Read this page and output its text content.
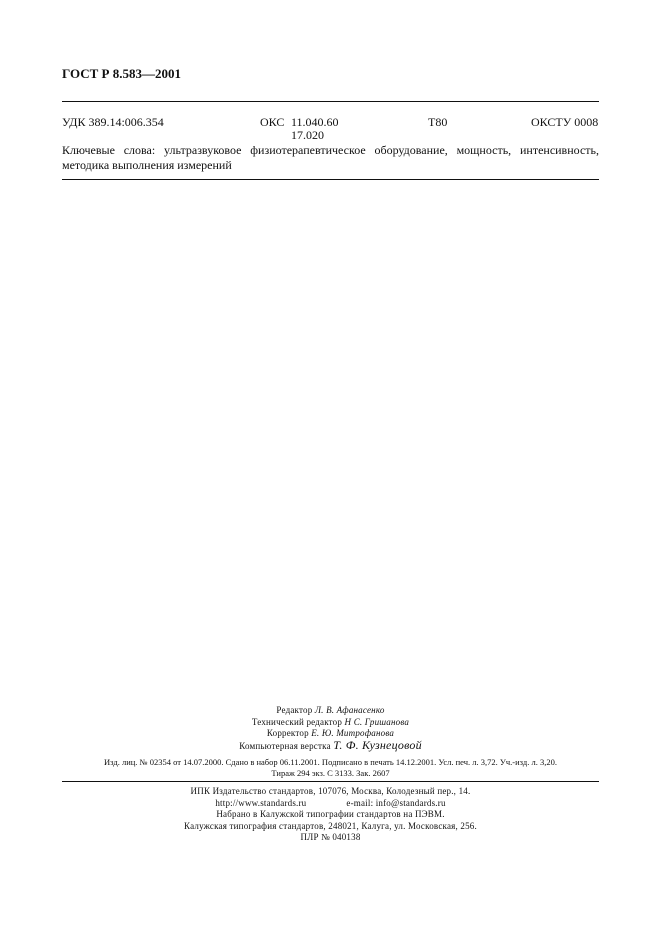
ГОСТ Р 8.583—2001
УДК 389.14:006.354	ОКС 11.040.60
17.020
Т80	ОКСТУ 0008
Ключевые слова: ультразвуковое физиотерапевтическое оборудование, мощность, интенсивность, методика выполнения измерений
Редактор Л. В. Афанасенко
Технический редактор Н С. Гришанова
Корректор Е. Ю. Митрофанова
Компьютерная верстка Т. Ф. Кузнецовой
Изд. лиц. № 02354 от 14.07.2000. Сдано в набор 06.11.2001. Подписано в печать 14.12.2001. Усл. печ. л. 3,72. Уч.-изд. л. 3,20.
Тираж 294 экз. С 3133. Зак. 2607
ИПК Издательство стандартов, 107076, Москва, Колодезный пер., 14.
http://www.standards.ru	e-mail: info@standards.ru
Набрано в Калужской типографии стандартов на ПЭВМ.
Калужская типография стандартов, 248021, Калуга, ул. Московская, 256.
ПЛР № 040138
